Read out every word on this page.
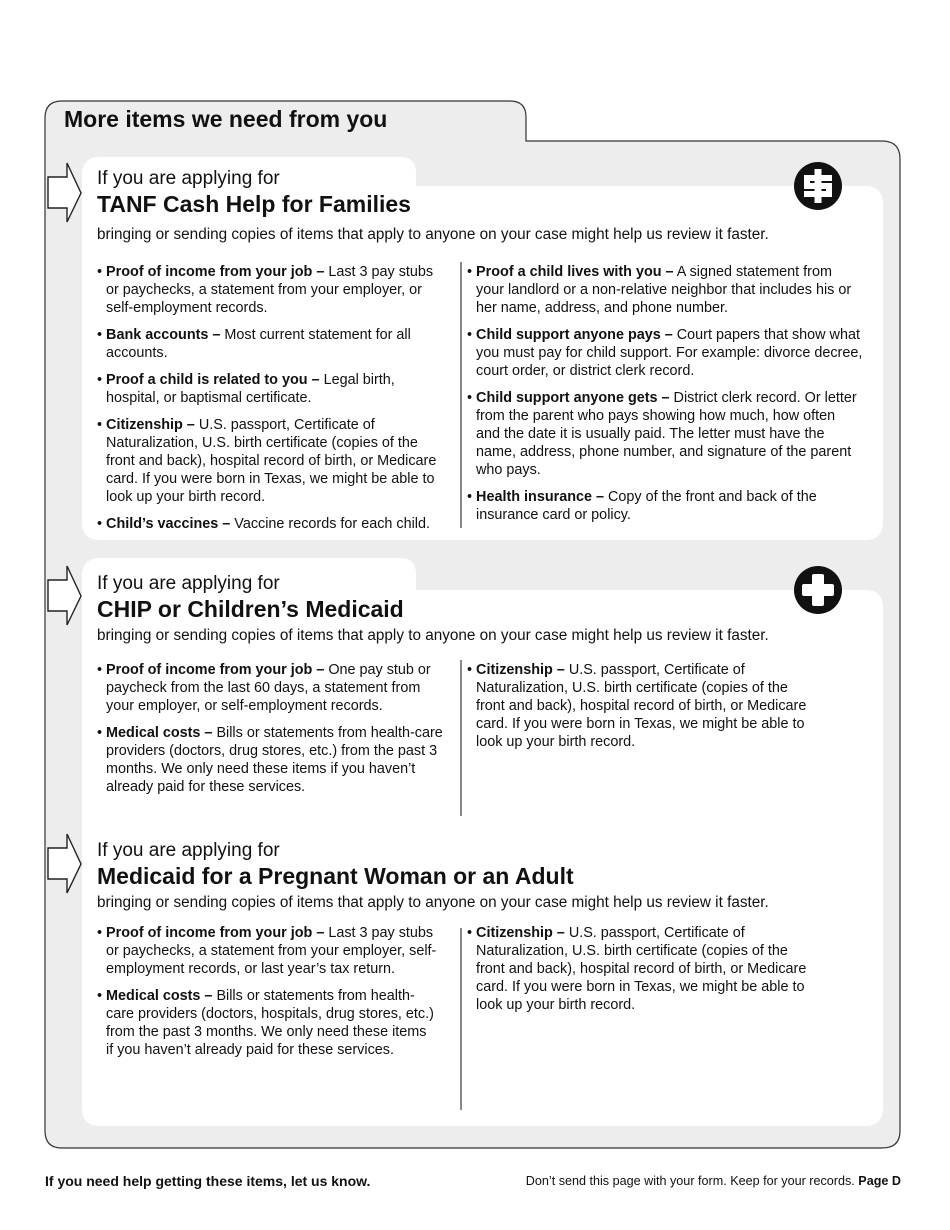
More items we need from you

If you are applying for

TANF Cash Help for Families

bringing or sending copies of items that apply to anyone on your case might help us review it faster.

• Proof of income from your job – Last 3 pay stubs or paychecks, a statement from your employer, or self-employment records.

• Bank accounts – Most current statement for all accounts.

• Proof a child is related to you – Legal birth, hospital, or baptismal certificate.

• Citizenship – U.S. passport, Certificate of Naturalization, U.S. birth certificate (copies of the front and back), hospital record of birth, or Medicare card. If you were born in Texas, we might be able to look up your birth record.

• Child’s vaccines – Vaccine records for each child.

• Proof a child lives with you – A signed statement from your landlord or a non-relative neighbor that includes his or her name, address, and phone number.

• Child support anyone pays – Court papers that show what you must pay for child support. For example: divorce decree, court order, or district clerk record.

• Child support anyone gets – District clerk record. Or letter from the parent who pays showing how much, how often and the date it is usually paid. The letter must have the name, address, phone number, and signature of the parent who pays.

• Health insurance – Copy of the front and back of the insurance card or policy.

If you are applying for

CHIP or Children’s Medicaid

bringing or sending copies of items that apply to anyone on your case might help us review it faster.

• Proof of income from your job – One pay stub or paycheck from the last 60 days, a statement from your employer, or self-employment records.

• Medical costs – Bills or statements from health-care providers (doctors, drug stores, etc.) from the past 3 months. We only need these items if you haven’t already paid for these services.

• Citizenship – U.S. passport, Certificate of Naturalization, U.S. birth certificate (copies of the front and back), hospital record of birth, or Medicare card. If you were born in Texas, we might be able to look up your birth record.

If you are applying for

Medicaid for a Pregnant Woman or an Adult

bringing or sending copies of items that apply to anyone on your case might help us review it faster.

• Proof of income from your job – Last 3 pay stubs or paychecks, a statement from your employer, self-employment records, or last year’s tax return.

• Medical costs – Bills or statements from health-care providers (doctors, hospitals, drug stores, etc.) from the past 3 months. We only need these items if you haven’t already paid for these services.

• Citizenship – U.S. passport, Certificate of Naturalization, U.S. birth certificate (copies of the front and back), hospital record of birth, or Medicare card. If you were born in Texas, we might be able to look up your birth record.

If you need help getting these items, let us know.	Don’t send this page with your form. Keep for your records. Page D
